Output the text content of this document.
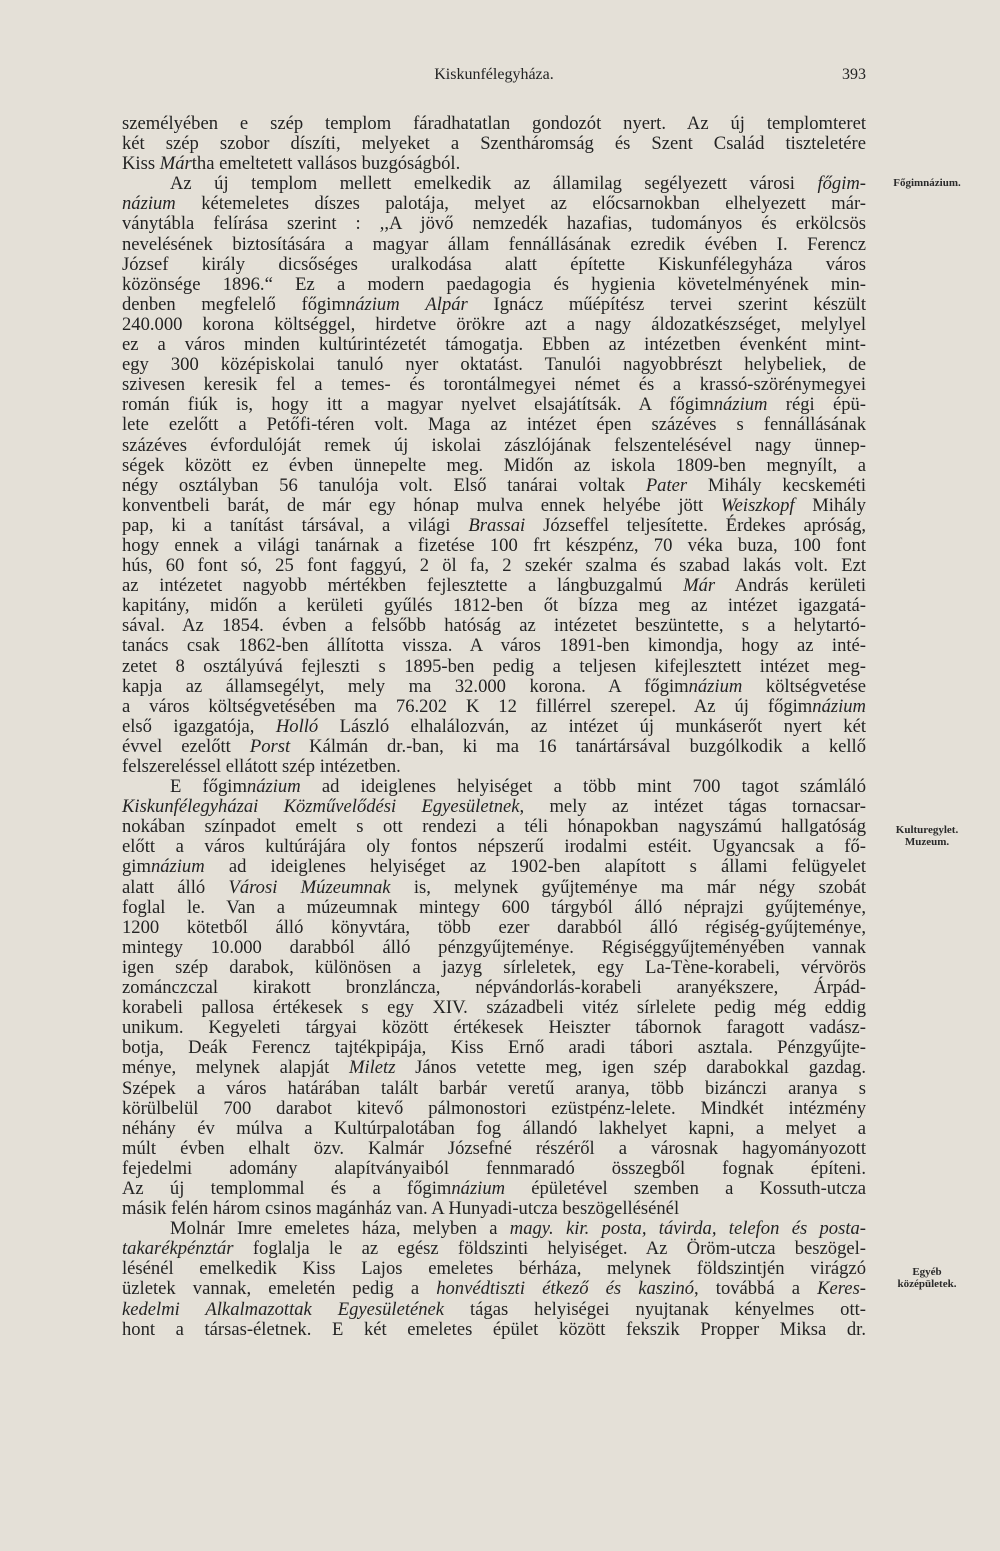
Kiskunfélegyháza.	393
személyében e szép templom fáradhatatlan gondozót nyert. Az új templomteret
két szép szobor díszíti, melyeket a Szentháromság és Szent Család tiszteletére
Kiss Mártha emeltetett vallásos buzgóságból.
Az új templom mellett emelkedik az államilag segélyezett városi főgim-
názium kétemeletes díszes palotája, melyet az előcsarnokban elhelyezett már-
ványtábla felírása szerint : ,,A jövő nemzedék hazafias, tudományos és erkölcsös
nevelésének biztosítására a magyar állam fennállásának ezredik évében I. Ferencz
József király dicsőséges uralkodása alatt építette Kiskunfélegyháza város
közönsége 1896.“ Ez a modern paedagogia és hygienia követelményének min-
denben megfelelő főgimnázium Alpár Ignácz műépítész tervei szerint készült
240.000 korona költséggel, hirdetve örökre azt a nagy áldozatkészséget, melylyel
ez a város minden kultúrintézetét támogatja. Ebben az intézetben évenként mint-
egy 300 középiskolai tanuló nyer oktatást. Tanulói nagyobbrészt helybeliek, de
szivesen keresik fel a temes- és torontálmegyei német és a krassó-szörénymegyei
román fiúk is, hogy itt a magyar nyelvet elsajátítsák. A főgimnázium régi épü-
lete ezelőtt a Petőfi-téren volt. Maga az intézet épen százéves s fennállásának
százéves évfordulóját remek új iskolai zászlójának felszentelésével nagy ünnep-
ségek között ez évben ünnepelte meg. Midőn az iskola 1809-ben megnyílt, a
négy osztályban 56 tanulója volt. Első tanárai voltak Pater Mihály kecskeméti
konventbeli barát, de már egy hónap mulva ennek helyébe jött Weiszkopf Mihály
pap, ki a tanítást társával, a világi Brassai Józseffel teljesítette. Érdekes apróság,
hogy ennek a világi tanárnak a fizetése 100 frt készpénz, 70 véka buza, 100 font
hús, 60 font só, 25 font faggyú, 2 öl fa, 2 szekér szalma és szabad lakás volt. Ezt
az intézetet nagyobb mértékben fejlesztette a lángbuzgalmú Már András kerületi
kapitány, midőn a kerületi gyűlés 1812-ben őt bízza meg az intézet igazgatá-
sával. Az 1854. évben a felsőbb hatóság az intézetet beszüntette, s a helytartó-
tanács csak 1862-ben állította vissza. A város 1891-ben kimondja, hogy az inté-
zetet 8 osztályúvá fejleszti s 1895-ben pedig a teljesen kifejlesztett intézet meg-
kapja az államsegélyt, mely ma 32.000 korona. A főgimnázium költségvetése
a város költségvetésében ma 76.202 K 12 fillérrel szerepel. Az új főgimnázium
első igazgatója, Holló László elhalálozván, az intézet új munkáserőt nyert két
évvel ezelőtt Porst Kálmán dr.-ban, ki ma 16 tanártársával buzgólkodik a kellő
felszereléssel ellátott szép intézetben.
E főgimnázium ad ideiglenes helyiséget a több mint 700 tagot számláló
Kiskunfélegyházai Közművelődési Egyesületnek, mely az intézet tágas tornacsar-
nokában színpadot emelt s ott rendezi a téli hónapokban nagyszámú hallgatóság
előtt a város kultúrájára oly fontos népszerű irodalmi estéit. Ugyancsak a fő-
gimnázium ad ideiglenes helyiséget az 1902-ben alapított s állami felügyelet
alatt álló Városi Múzeumnak is, melynek gyűjteménye ma már négy szobát
foglal le. Van a múzeumnak mintegy 600 tárgyból álló néprajzi gyűjteménye,
1200 kötetből álló könyvtára, több ezer darabból álló régiség-gyűjteménye,
mintegy 10.000 darabból álló pénzgyűjteménye. Régiséggyűjteményében vannak
igen szép darabok, különösen a jazyg sírleletek, egy La-Tène-korabeli, vérvörös
zománczczal kirakott bronzláncza, népvándorlás-korabeli aranyékszere, Árpád-
korabeli pallosa értékesek s egy XIV. századbeli vitéz sírlelete pedig még eddig
unikum. Kegyeleti tárgyai között értékesek Heiszter tábornok faragott vadász-
botja, Deák Ferencz tajtékpipája, Kiss Ernő aradi tábori asztala. Pénzgyűjte-
ménye, melynek alapját Miletz János vetette meg, igen szép darabokkal gazdag.
Szépek a város határában talált barbár veretű aranya, több bizánczi aranya s
körülbelül 700 darabot kitevő pálmonostori ezüstpénz-lelete. Mindkét intézmény
néhány év múlva a Kultúrpalotában fog állandó lakhelyet kapni, a melyet a
múlt évben elhalt özv. Kalmár Józsefné részéről a városnak hagyományozott
fejedelmi adomány alapítványaiból fennmaradó összegből fognak építeni.
Az új templommal és a főgimnázium épületével szemben a Kossuth-utcza
másik felén három csinos magánház van. A Hunyadi-utcza beszögellésénél
Molnár Imre emeletes háza, melyben a magy. kir. posta, távirda, telefon és posta-
takarékpénztár foglalja le az egész földszinti helyiséget. Az Öröm-utcza beszögel-
lésénél emelkedik Kiss Lajos emeletes bérháza, melynek földszintjén virágzó
üzletek vannak, emeletén pedig a honvédtiszti étkező és kaszinó, továbbá a Keres-
kedelmi Alkalmazottak Egyesületének tágas helyiségei nyujtanak kényelmes ott-
hont a társas-életnek. E két emeletes épület között fekszik Propper Miksa dr.
Főgimnázium.
Kulturegylet.
Muzeum.
Egyéb
középületek.
